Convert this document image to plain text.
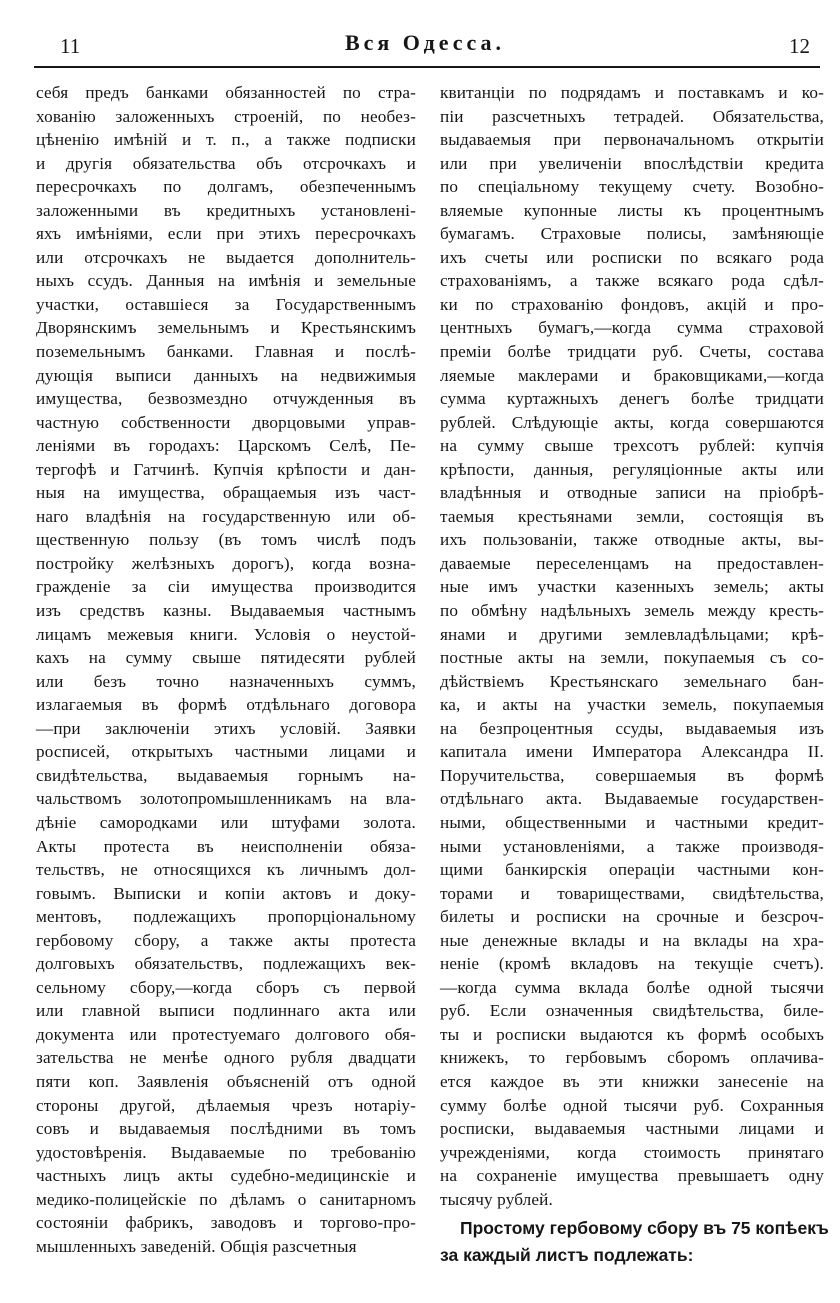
11	Вся Одесса.	12
себя предъ банками обязанностей по стра-
хованію заложенныхъ строеній, по необез-
цѣненію имѣній и т. п., а также подписки
и другія обязательства объ отсрочкахъ и
пересрочкахъ по долгамъ, обезпеченнымъ
заложенными въ кредитныхъ установлені-
яхъ имѣніями, если при этихъ пересрочкахъ
или отсрочкахъ не выдается дополнитель-
ныхъ ссудъ. Данныя на имѣнія и земельные
участки, оставшіеся за Государственнымъ
Дворянскимъ земельнымъ и Крестьянскимъ
поземельнымъ банками. Главная и послѣ-
дующія выписи данныхъ на недвижимыя
имущества, безвозмездно отчужденныя въ
частную собственности дворцовыми управ-
леніями въ городахъ: Царскомъ Селѣ, Пе-
тергофѣ и Гатчинѣ. Купчія крѣпости и дан-
ныя на имущества, обращаемыя изъ част-
наго владѣнія на государственную или об-
щественную пользу (въ томъ числѣ подъ
постройку желѣзныхъ дорогъ), когда возна-
гражденіе за сіи имущества производится
изъ средствъ казны. Выдаваемыя частнымъ
лицамъ межевыя книги. Условія о неустой-
кахъ на сумму свыше пятидесяти рублей
или безъ точно назначенныхъ суммъ,
излагаемыя въ формѣ отдѣльнаго договора
—при заключеніи этихъ условій. Заявки
росписей, открытыхъ частными лицами и
свидѣтельства, выдаваемыя горнымъ на-
чальствомъ золотопромышленникамъ на вла-
дѣніе самородками или штуфами золота.
Акты протеста въ неисполненіи обяза-
тельствъ, не относящихся къ личнымъ дол-
говымъ. Выписки и копіи актовъ и доку-
ментовъ, подлежащихъ пропорціональному
гербовому сбору, а также акты протеста
долговыхъ обязательствъ, подлежащихъ век-
сельному сбору,—когда сборъ съ первой
или главной выписи подлиннаго акта или
документа или протестуемаго долгового обя-
зательства не менѣе одного рубля двадцати
пяти коп. Заявленія объясненій отъ одной
стороны другой, дѣлаемыя чрезъ нотаріу-
совъ и выдаваемыя послѣдними въ томъ
удостовѣренія. Выдаваемые по требованію
частныхъ лицъ акты судебно-медицинскіе и
медико-полицейскіе по дѣламъ о санитарномъ
состояніи фабрикъ, заводовъ и торгово-про-
мышленныхъ заведеній. Общія разсчетныя
квитанціи по подрядамъ и поставкамъ и ко-
піи разсчетныхъ тетрадей. Обязательства,
выдаваемыя при первоначальномъ открытіи
или при увеличеніи впослѣдствіи кредита
по спеціальному текущему счету. Возобно-
вляемые купонные листы къ процентнымъ
бумагамъ. Страховые полисы, замѣняющіе
ихъ счеты или росписки по всякаго рода
страхованіямъ, а также всякаго рода сдѣл-
ки по страхованію фондовъ, акцій и про-
центныхъ бумагъ,—когда сумма страховой
преміи болѣе тридцати руб. Счеты, состава
ляемые маклерами и браковщиками,—когда
сумма куртажныхъ денегъ болѣе тридцати
рублей. Слѣдующіе акты, когда совершаются
на сумму свыше трехсотъ рублей: купчія
крѣпости, данныя, регуляціонные акты или
владѣнныя и отводные записи на пріобрѣ-
таемыя крестьянами земли, состоящія въ
ихъ пользованіи, также отводные акты, вы-
даваемые переселенцамъ на предоставлен-
ные имъ участки казенныхъ земель; акты
по обмѣну надѣльныхъ земель между кресть-
янами и другими землевладѣльцами; крѣ-
постные акты на земли, покупаемыя съ со-
дѣйствіемъ Крестьянскаго земельнаго бан-
ка, и акты на участки земель, покупаемыя
на безпроцентныя ссуды, выдаваемыя изъ
капитала имени Императора Александра II.
Поручительства, совершаемыя въ формѣ
отдѣльнаго акта. Выдаваемые государствен-
ными, общественными и частными кредит-
ными установленіями, а также производя-
щими банкирскія операціи частными кон-
торами и товариществами, свидѣтельства,
билеты и росписки на срочные и безсроч-
ные денежные вклады и на вклады на хра-
неніе (кромѣ вкладовъ на текущіе счетъ).
—когда сумма вклада болѣе одной тысячи
руб. Если означенныя свидѣтельства, биле-
ты и росписки выдаются къ формѣ особыхъ
книжекъ, то гербовымъ сборомъ оплачива-
ется каждое въ эти книжки занесеніе на
сумму болѣе одной тысячи руб. Сохранныя
росписки, выдаваемыя частными лицами и
учрежденіями, когда стоимость принятаго
на сохраненіе имущества превышаетъ одну
тысячу рублей.
Простому гербовому сбору въ 75 копѣекъ
за каждый листъ подлежать:
